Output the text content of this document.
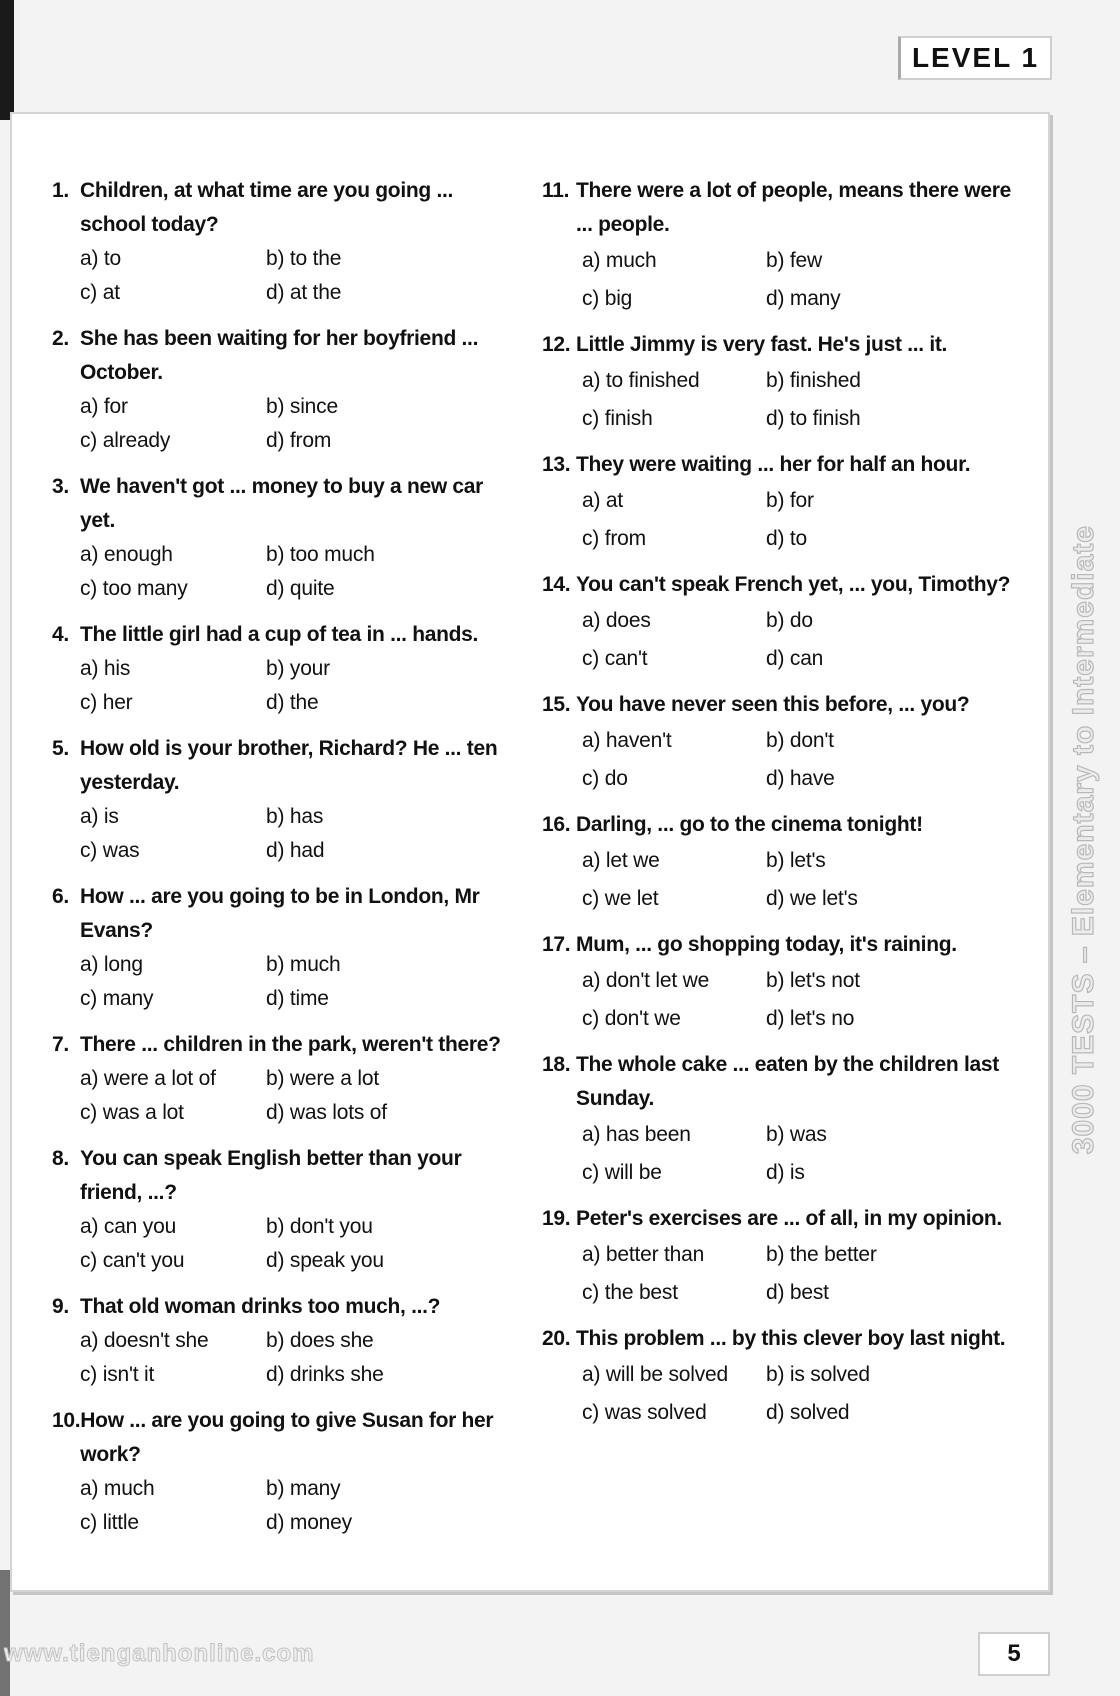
LEVEL 1
1. Children, at what time are you going ... school today?
a) to	b) to the
c) at	d) at the
2. She has been waiting for her boyfriend ... October.
a) for	b) since
c) already	d) from
3. We haven't got ... money to buy a new car yet.
a) enough	b) too much
c) too many	d) quite
4. The little girl had a cup of tea in ... hands.
a) his	b) your
c) her	d) the
5. How old is your brother, Richard? He ... ten yesterday.
a) is	b) has
c) was	d) had
6. How ... are you going to be in London, Mr Evans?
a) long	b) much
c) many	d) time
7. There ... children in the park, weren't there?
a) were a lot of	b) were a lot
c) was a lot	d) was lots of
8. You can speak English better than your friend, ...?
a) can you	b) don't you
c) can't you	d) speak you
9. That old woman drinks too much, ...?
a) doesn't she	b) does she
c) isn't it	d) drinks she
10. How ... are you going to give Susan for her work?
a) much	b) many
c) little	d) money
11. There were a lot of people, means there were ... people.
a) much	b) few
c) big	d) many
12. Little Jimmy is very fast. He's just ... it.
a) to finished	b) finished
c) finish	d) to finish
13. They were waiting ... her for half an hour.
a) at	b) for
c) from	d) to
14. You can't speak French yet, ... you, Timothy?
a) does	b) do
c) can't	d) can
15. You have never seen this before, ... you?
a) haven't	b) don't
c) do	d) have
16. Darling, ... go to the cinema tonight!
a) let we	b) let's
c) we let	d) we let's
17. Mum, ... go shopping today, it's raining.
a) don't let we	b) let's not
c) don't we	d) let's no
18. The whole cake ... eaten by the children last Sunday.
a) has been	b) was
c) will be	d) is
19. Peter's exercises are ... of all, in my opinion.
a) better than	b) the better
c) the best	d) best
20. This problem ... by this clever boy last night.
a) will be solved	b) is solved
c) was solved	d) solved
3000 TESTS – Elementary to Intermediate
www.tienganhonline.com	5
